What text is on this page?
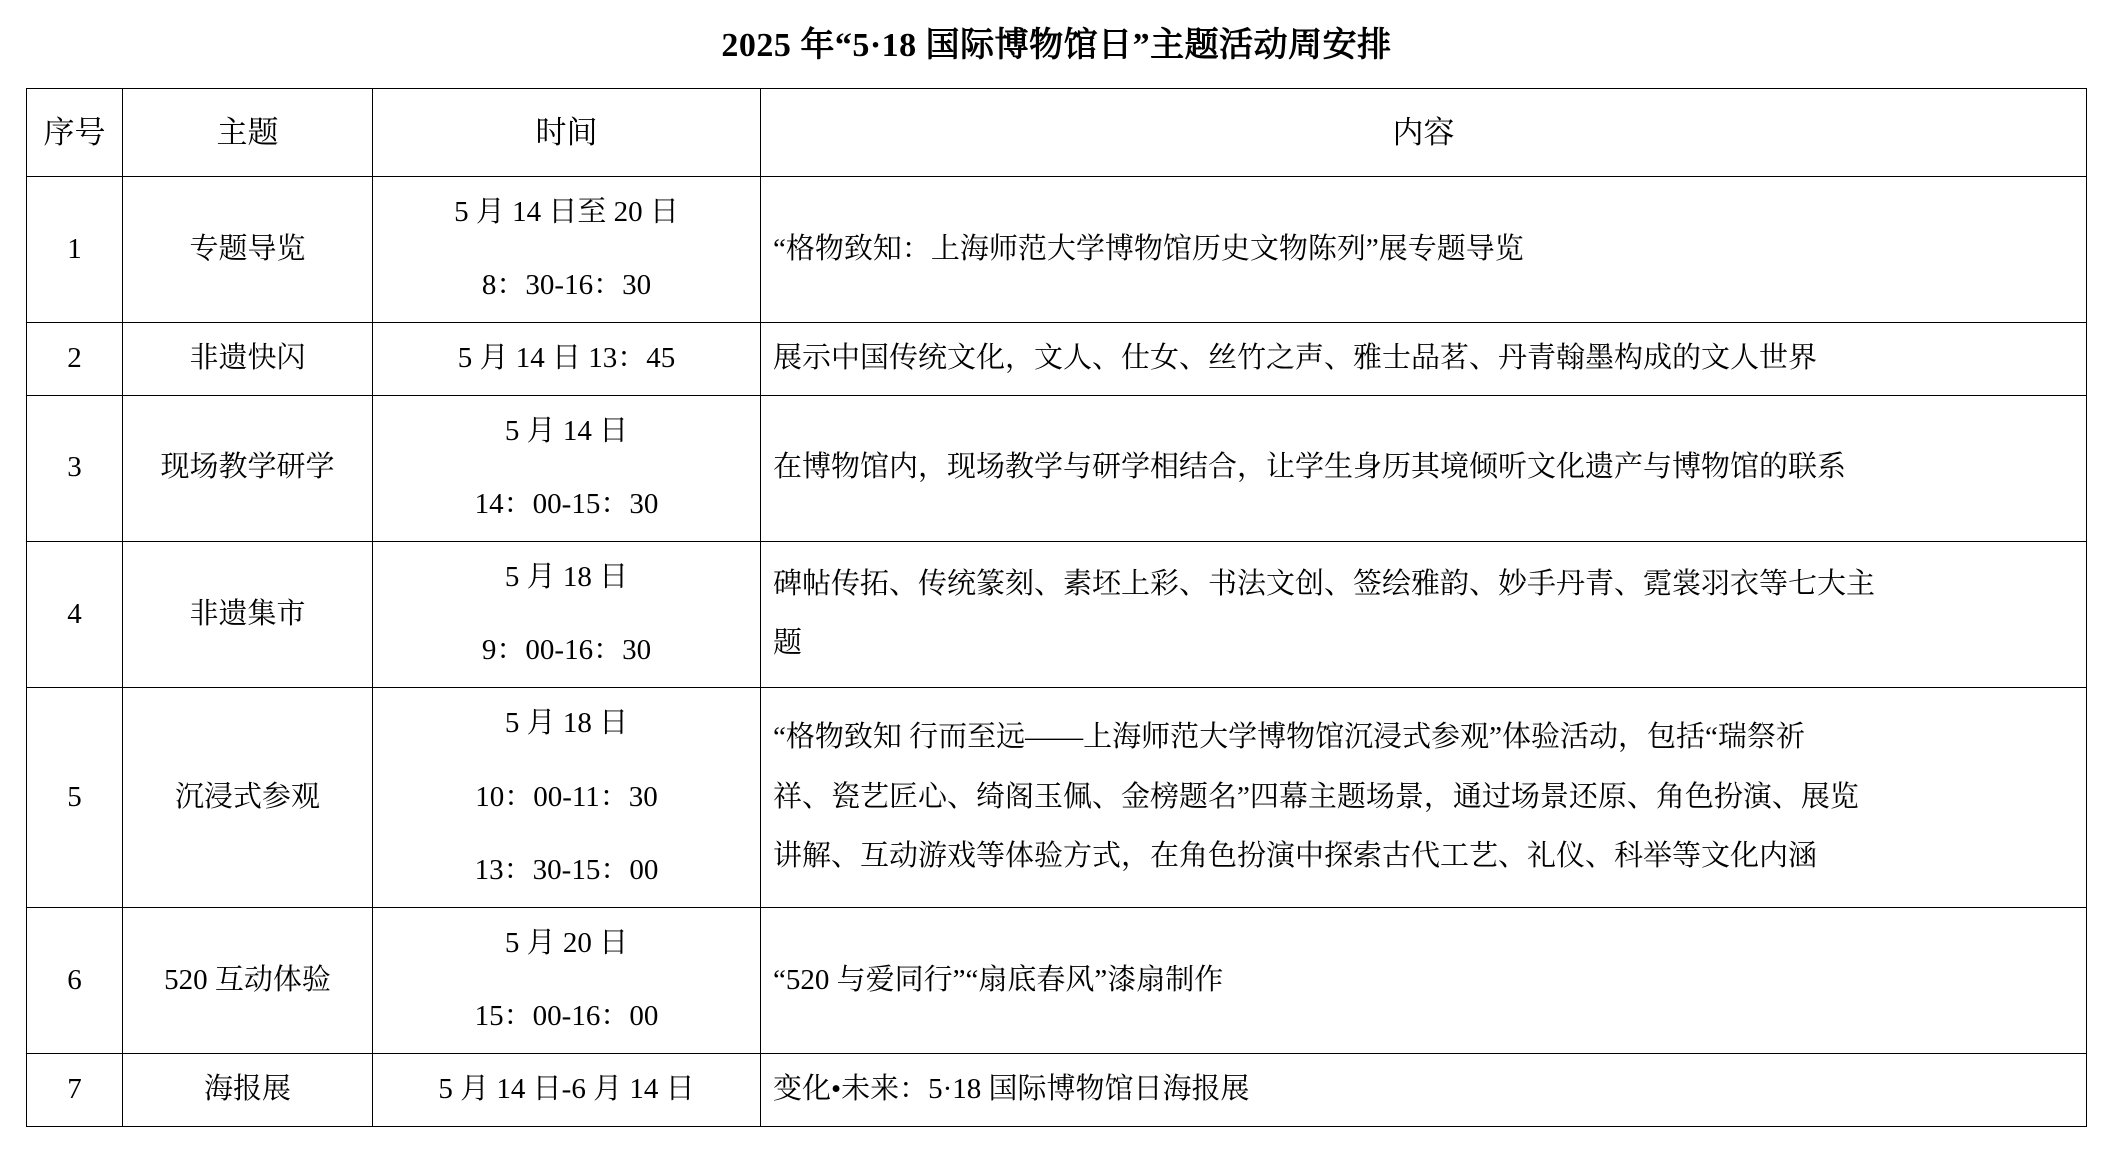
2025 年“5·18 国际博物馆日”主题活动周安排
序号	主题	时间	内容
1	专题导览	5 月 14 日至 20 日
8：30-16：30	“格物致知：上海师范大学博物馆历史文物陈列”展专题导览

2	非遗快闪	5 月 14 日 13：45	展示中国传统文化，文人、仕女、丝竹之声、雅士品茗、丹青翰墨构成的文人世界

3	现场教学研学	5 月 14 日
14：00-15：30	在博物馆内，现场教学与研学相结合，让学生身历其境倾听文化遗产与博物馆的联系

4	非遗集市	5 月 18 日
9：00-16：30	碑帖传拓、传统篆刻、素坯上彩、书法文创、签绘雅韵、妙手丹青、霓裳羽衣等七大主
题

5	沉浸式参观	5 月 18 日
10：00-11：30
13：30-15：00	“格物致知 行而至远——上海师范大学博物馆沉浸式参观”体验活动，包括“瑞祭祈
祥、瓷艺匠心、绮阁玉佩、金榜题名”四幕主题场景，通过场景还原、角色扮演、展览
讲解、互动游戏等体验方式，在角色扮演中探索古代工艺、礼仪、科举等文化内涵

6	520 互动体验	5 月 20 日
15：00-16：00	“520 与爱同行”“扇底春风”漆扇制作

7	海报展	5 月 14 日-6 月 14 日	变化•未来：5·18 国际博物馆日海报展
